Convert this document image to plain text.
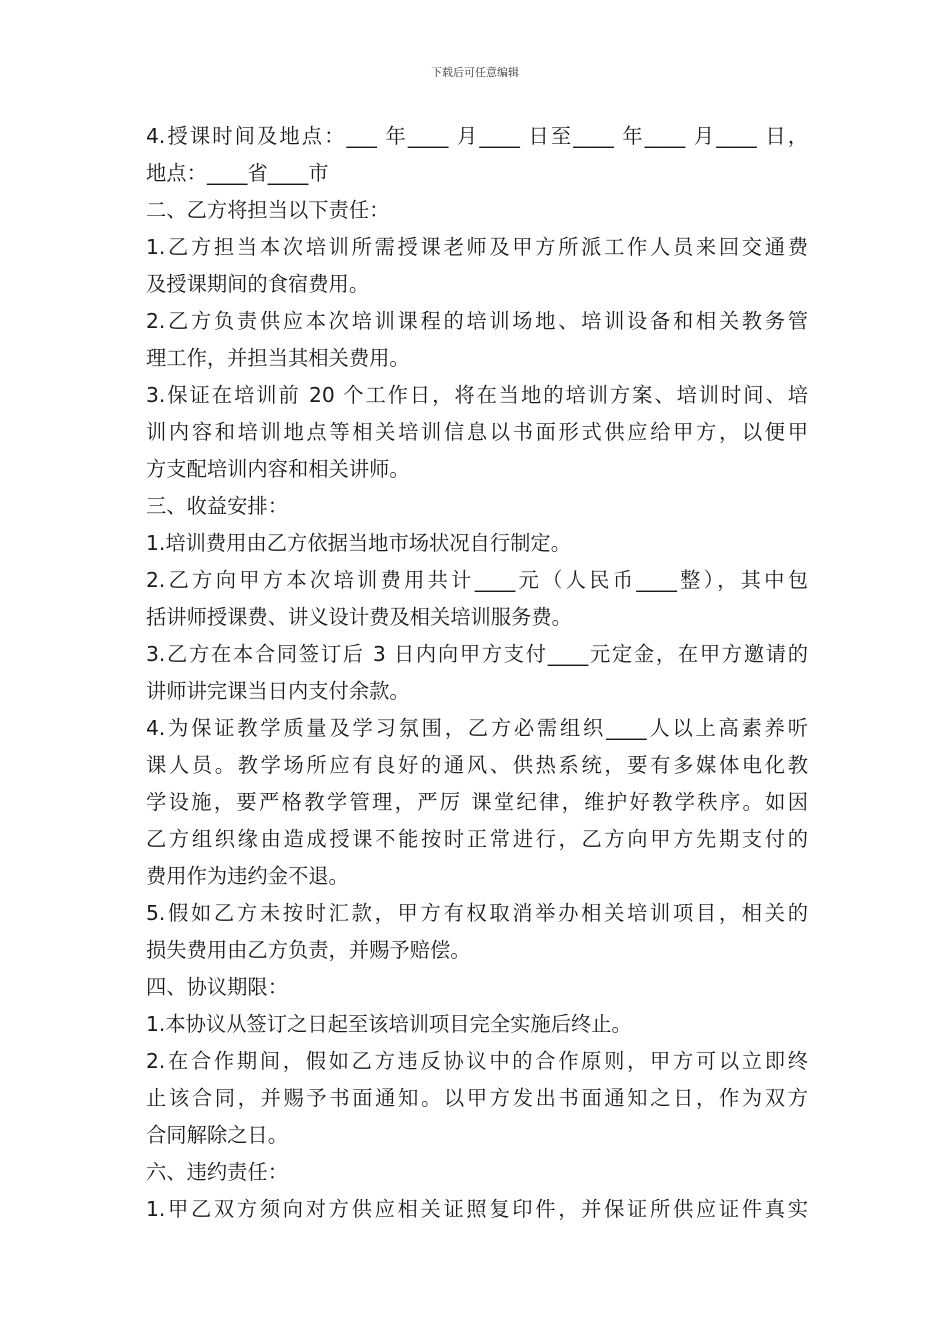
下载后可任意编辑
4.授课时间及地点：___ 年____ 月____ 日至____ 年____ 月____ 日，
地点：____省____市
二、乙方将担当以下责任：
1.乙方担当本次培训所需授课老师及甲方所派工作人员来回交通费
及授课期间的食宿费用。
2.乙方负责供应本次培训课程的培训场地、培训设备和相关教务管
理工作，并担当其相关费用。
3.保证在培训前 20 个工作日，将在当地的培训方案、培训时间、培
训内容和培训地点等相关培训信息以书面形式供应给甲方，以便甲
方支配培训内容和相关讲师。
三、收益安排：
1.培训费用由乙方依据当地市场状况自行制定。
2.乙方向甲方本次培训费用共计____元（人民币____整），其中包
括讲师授课费、讲义设计费及相关培训服务费。
3.乙方在本合同签订后 3 日内向甲方支付____元定金，在甲方邀请的
讲师讲完课当日内支付余款。
4.为保证教学质量及学习氛围，乙方必需组织____人以上高素养听
课人员。教学场所应有良好的通风、供热系统，要有多媒体电化教
学设施，要严格教学管理，严厉 课堂纪律，维护好教学秩序。如因
乙方组织缘由造成授课不能按时正常进行，乙方向甲方先期支付的
费用作为违约金不退。
5.假如乙方未按时汇款，甲方有权取消举办相关培训项目，相关的
损失费用由乙方负责，并赐予赔偿。
四、协议期限：
1.本协议从签订之日起至该培训项目完全实施后终止。
2.在合作期间，假如乙方违反协议中的合作原则，甲方可以立即终
止该合同，并赐予书面通知。以甲方发出书面通知之日，作为双方
合同解除之日。
六、违约责任：
1.甲乙双方须向对方供应相关证照复印件，并保证所供应证件真实
